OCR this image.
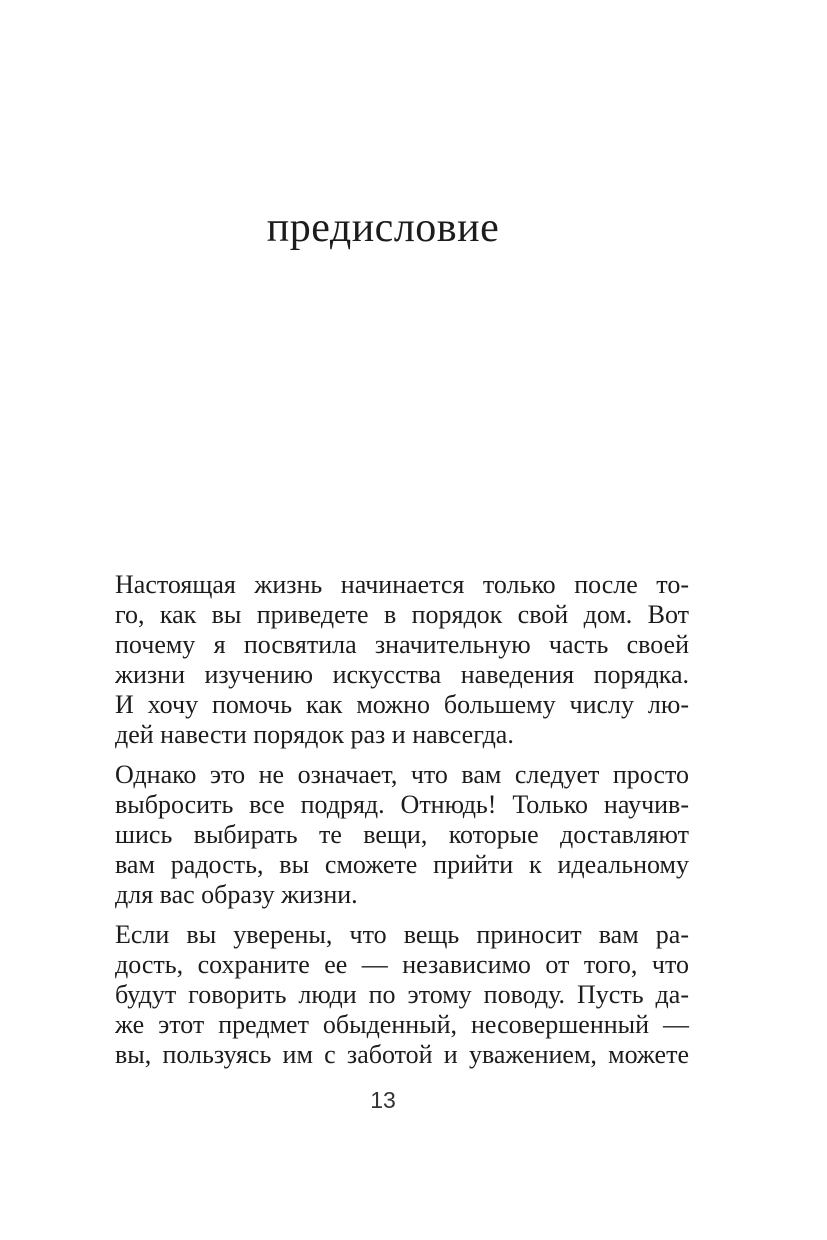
предисловие
Настоящая жизнь начинается только после то-
го, как вы приведете в порядок свой дом. Вот
почему я посвятила значительную часть своей
жизни изучению искусства наведения порядка.
И хочу помочь как можно большему числу лю-
дей навести порядок раз и навсегда.
Однако это не означает, что вам следует просто
выбросить все подряд. Отнюдь! Только научив-
шись выбирать те вещи, которые доставляют
вам радость, вы сможете прийти к идеальному
для вас образу жизни.
Если вы уверены, что вещь приносит вам ра-
дость, сохраните ее — независимо от того, что
будут говорить люди по этому поводу. Пусть да-
же этот предмет обыденный, несовершенный —
вы, пользуясь им с заботой и уважением, можете
13
